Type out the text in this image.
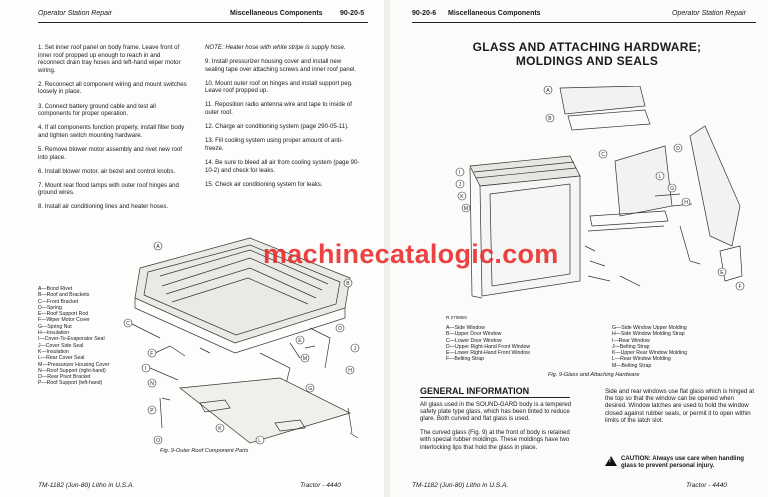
Operator Station Repair	Miscellaneous Components 90-20-5

1. Set inner roof panel on body frame. Leave front of inner roof propped up enough to reach in and reconnect drain tray hoses and left-hand wiper motor wiring.

2. Reconnect all component wiring and mount switches loosely in place.

3. Connect battery ground cable and test all components for proper operation.

4. If all components function properly, install filter body and tighten switch mounting hardware.

5. Remove blower motor assembly and rivet new roof into place.

6. Install blower motor, air bezel and control knobs.

7. Mount rear flood lamps with outer roof hinges and ground wires.

8. Install air conditioning lines and heater hoses.

NOTE: Heater hose with white stripe is supply hose.

9. Install pressurizer housing cover and install new sealing tape over attaching screws and inner roof panel.

10. Mount outer roof on hinges and install support peg. Leave roof propped up.

11. Reposition radio antenna wire and tape to inside of outer roof.

12. Charge air conditioning system (page 290-05-11).

13. Fill cooling system using proper amount of anti-freeze.

14. Be sure to bleed all air from cooling system (page 90-10-2) and check for leaks.

15. Check air conditioning system for leaks.

A
B
C
D
E
F
G
H
I
J
K
L
M
N
O
P
A—Bond Rivet
B—Roof and Brackets
C—Front Bracket
D—Spring
E—Roof Support Rod
F—Wiper Motor Cover
G—Spring Nut
H—Insulation
I—Cover-To-Evaporator Seal
J—Cover Side Seal
K—Insulation
L—Rear Cover Seal
M—Pressurizer Housing Cover
N—Roof Support (right-hand)
O—Rear Pivot Bracket
P—Roof Support (left-hand)
Fig. 9-Outer Roof Component Parts
TM-1182 (Jun-80) Litho in U.S.A.	Tractor - 4440
90-20-6 Miscellaneous Components	Operator Station Repair
GLASS AND ATTACHING HARDWARE;
MOLDINGS AND SEALS
A
B
C
D
E
F
G
H
I
J
K
L
M
R 27085N
A—Side Window
B—Upper Door Window
C—Lower Door Window
D—Upper Right-Hand Front Window
E—Lower Right-Hand Front Window
F—Belting Strap
G—Side Window Upper Molding
H—Side Window Molding Strap
I—Rear Window
J—Belting Strap
K—Upper Rear Window Molding
L—Rear Window Molding
M—Belting Strap
Fig. 9-Glass and Attaching Hardware
GENERAL INFORMATION

All glass used in the SOUND-GARD body is a tempered safety plate type glass, which has been tinted to reduce glare. Both curved and flat glass is used.

The curved glass (Fig. 9) at the front of body is retained with special rubber moldings. These moldings have two interlocking lips that hold the glass in place.

Side and rear windows use flat glass which is hinged at the top so that the window can be opened when desired. Window latches are used to hold the window closed against rubber seals, or permit it to open within limits of the latch slot.

! CAUTION: Always use care when handling glass to prevent personal injury.
TM-1182 (Jun-80) Litho in U.S.A.	Tractor - 4440
machinecatalogic.com
